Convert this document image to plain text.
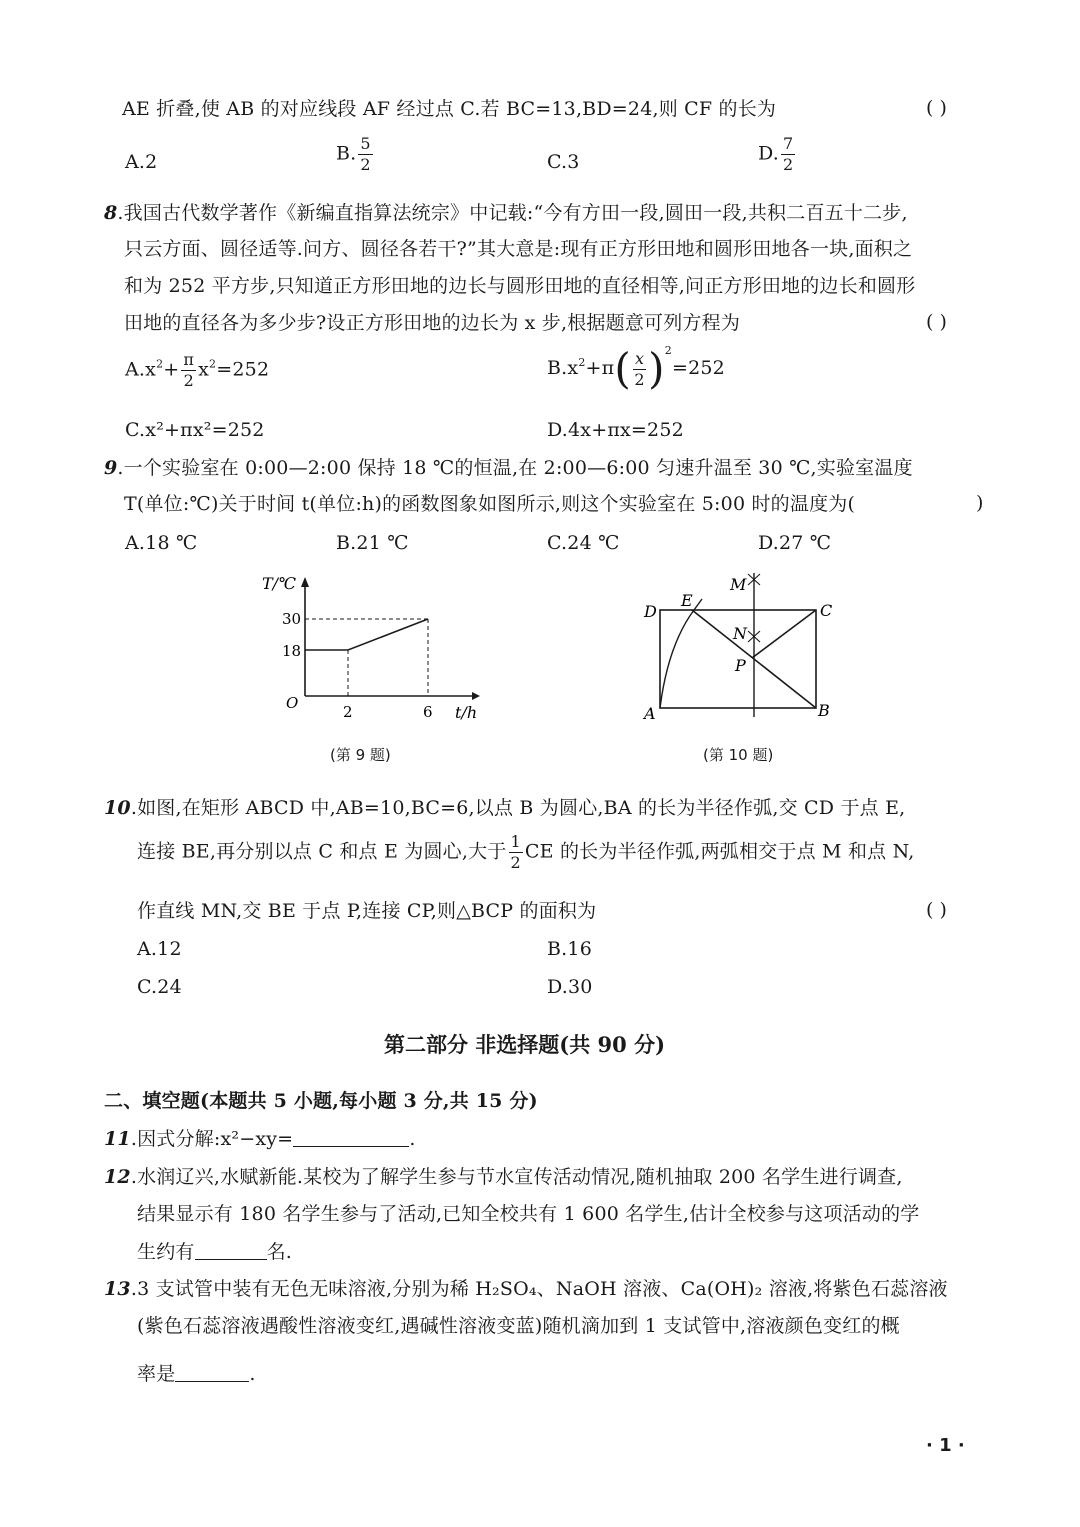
AE 折叠,使 AB 的对应线段 AF 经过点 C.若 BC=13,BD=24,则 CF 的长为	( )
A.2	B. $\frac{5}{2}$	C.3	D. $\frac{7}{2}$
8.我国古代数学著作《新编直指算法统宗》中记载:“今有方田一段,圆田一段,共积二百五十二步,
只云方面、圆径适等.问方、圆径各若干?”其大意是:现有正方形田地和圆形田地各一块,面积之
和为 252 平方步,只知道正方形田地的边长与圆形田地的直径相等,问正方形田地的边长和圆形
田地的直径各为多少步?设正方形田地的边长为 x 步,根据题意可列方程为	( )
$A.x^2+ \frac{\pi}{2} x^2=252$	$B.x^2+\pi( \frac{x}{2} )^2=252$
C.x²+πx²=252	D.4x+πx=252
9.一个实验室在 0:00—2:00 保持 18 ℃的恒温,在 2:00—6:00 匀速升温至 30 ℃,实验室温度
T(单位:℃)关于时间 t(单位:h)的函数图象如图所示,则这个实验室在 5:00 时的温度为(	)
A.18 ℃	B.21 ℃	C.24 ℃	D.27 ℃
T/℃
30
18
O	2	6 t/h
(第 9 题)
M
N
P
D
E
C
A	B
(第 10 题)
10.如图,在矩形 ABCD 中,AB=10,BC=6,以点 B 为圆心,BA 的长为半径作弧,交 CD 于点 E,
连接 BE,再分别以点 C 和点 E 为圆心,大于 $\frac{1}{2}$ CE 的长为半径作弧,两弧相交于点 M 和点 N,
作直线 MN,交 BE 于点 P,连接 CP,则△BCP 的面积为	( )
A.12	B.16
C.24	D.30
第二部分 非选择题(共 90 分)
二、填空题(本题共 5 小题,每小题 3 分,共 15 分)
11.因式分解:x²−xy=	.
12.水润辽兴,水赋新能.某校为了解学生参与节水宣传活动情况,随机抽取 200 名学生进行调查,
结果显示有 180 名学生参与了活动,已知全校共有 1 600 名学生,估计全校参与这项活动的学
生约有	名.
13.3 支试管中装有无色无味溶液,分别为稀 H₂SO₄、NaOH 溶液、Ca(OH)₂ 溶液,将紫色石蕊溶液
(紫色石蕊溶液遇酸性溶液变红,遇碱性溶液变蓝)随机滴加到 1 支试管中,溶液颜色变红的概
率是	.
· 1 ·
